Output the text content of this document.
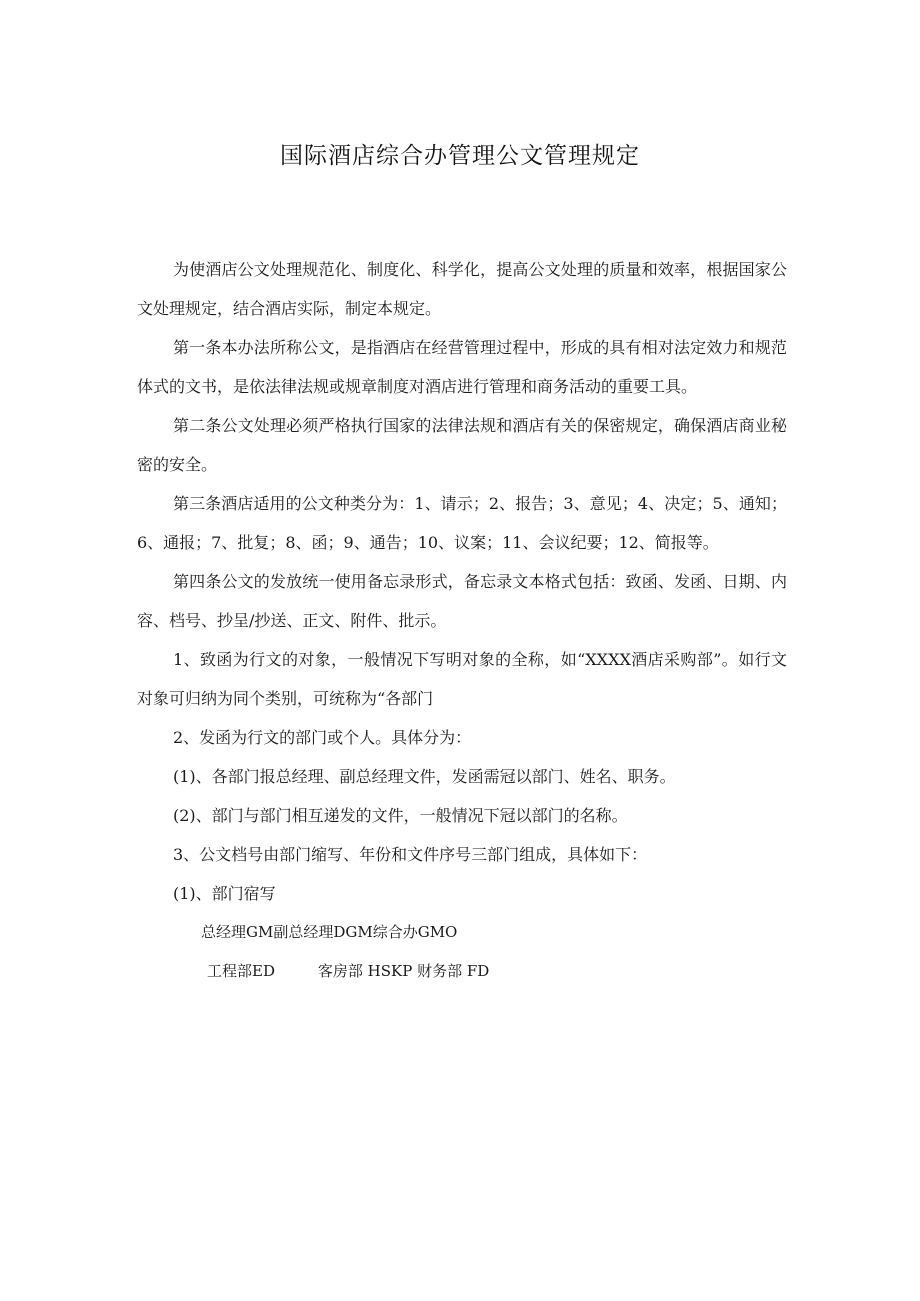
国际酒店综合办管理公文管理规定

为使酒店公文处理规范化、制度化、科学化，提高公文处理的质量和效率，根据国家公文处理规定，结合酒店实际，制定本规定。

第一条本办法所称公文，是指酒店在经营管理过程中，形成的具有相对法定效力和规范体式的文书，是依法律法规或规章制度对酒店进行管理和商务活动的重要工具。

第二条公文处理必须严格执行国家的法律法规和酒店有关的保密规定，确保酒店商业秘密的安全。

第三条酒店适用的公文种类分为：1、请示；2、报告；3、意见；4、决定；5、通知；6、通报；7、批复；8、函；9、通告；10、议案；11、会议纪要；12、简报等。

第四条公文的发放统一使用备忘录形式，备忘录文本格式包括：致函、发函、日期、内容、档号、抄呈/抄送、正文、附件、批示。

1、致函为行文的对象，一般情况下写明对象的全称，如“XXXX酒店采购部”。如行文对象可归纳为同个类别，可统称为“各部门

2、发函为行文的部门或个人。具体分为：

(1)、各部门报总经理、副总经理文件，发函需冠以部门、姓名、职务。

(2)、部门与部门相互递发的文件，一般情况下冠以部门的名称。

3、公文档号由部门缩写、年份和文件序号三部门组成，具体如下：

(1)、部门宿写

总经理GM副总经理DGM综合办GMO

工程部ED         客房部 HSKP 财务部 FD
